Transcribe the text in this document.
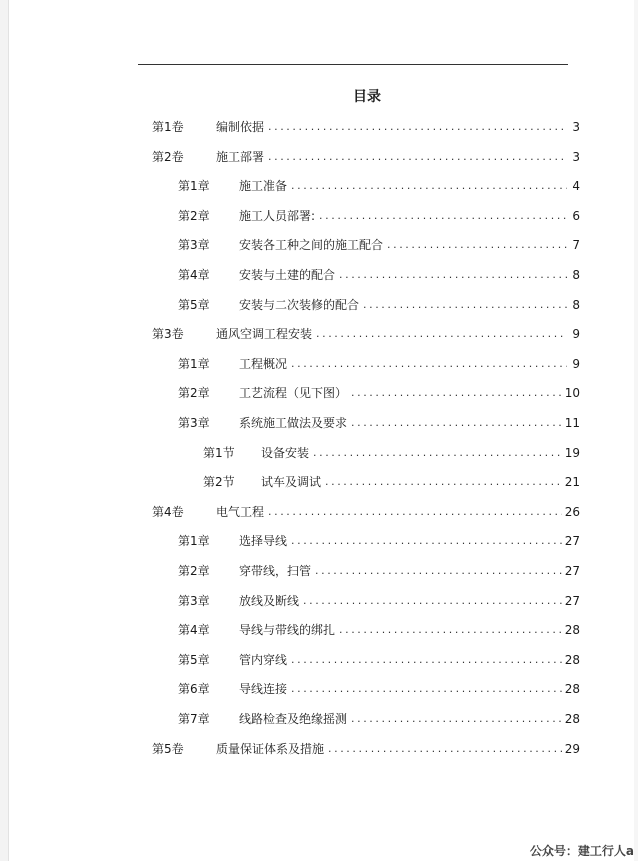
目录
第1卷	编制依据 .....	3
第2卷	施工部署 .....	3
第1章	施工准备 .....	4
第2章	施工人员部署: .....	6
第3章	安装各工种之间的施工配合 .....	7
第4章	安装与土建的配合 .....	8
第5章	安装与二次装修的配合 .....	8
第3卷	通风空调工程安装 .....	9
第1章	工程概况 .....	9
第2章	工艺流程（见下图） .....	10
第3章	系统施工做法及要求 .....	11
第1节	设备安装 .....	19
第2节	试车及调试 .....	21
第4卷	电气工程 .....	26
第1章	选择导线 .....	27
第2章	穿带线，扫管 .....	27
第3章	放线及断线 .....	27
第4章	导线与带线的绑扎 .....	28
第5章	管内穿线 .....	28
第6章	导线连接 .....	28
第7章	线路检查及绝缘摇测 .....	28
第5卷	质量保证体系及措施 .....	29
公众号：建工行人a
